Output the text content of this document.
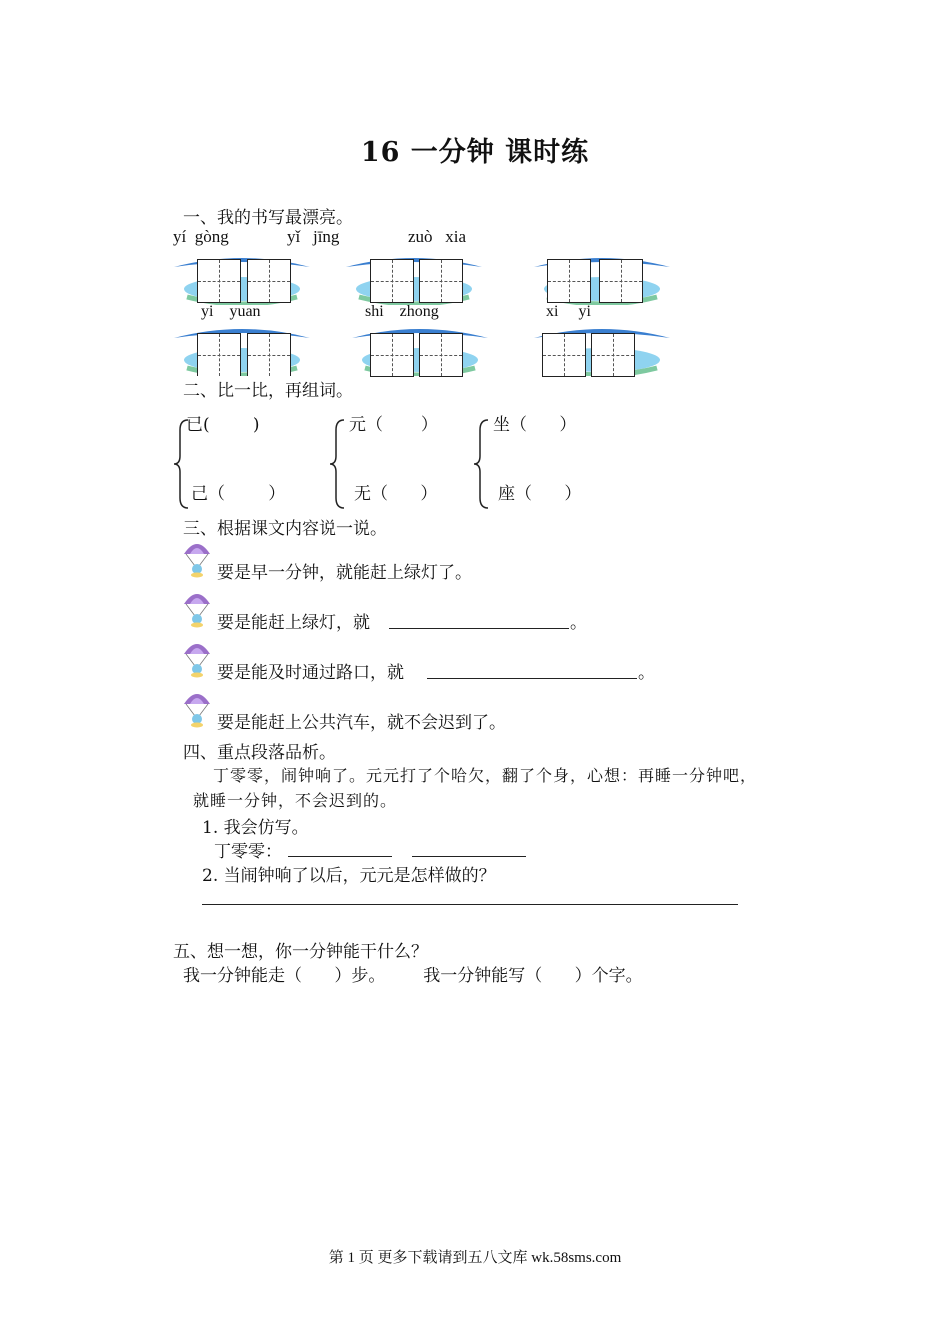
16 一分钟 课时练
一、我的书写最漂亮。
yí  gòng	yǐ   jīng	zuò   xia
yi    yuan	shi    zhong	xi     yi
二、比一比，再组词。
已(        )
己（        ）
元（       ）
无（      ）
坐（      ）
座（      ）
三、根据课文内容说一说。
要是早一分钟，就能赶上绿灯了。
要是能赶上绿灯，就	。
要是能及时通过路口，就	。
要是能赶上公共汽车，就不会迟到了。
四、重点段落品析。
丁零零，闹钟响了。元元打了个哈欠，翻了个身，心想：再睡一分钟吧，
就睡一分钟，不会迟到的。
1. 我会仿写。
丁零零：
2. 当闹钟响了以后，元元是怎样做的？
五、想一想，你一分钟能干什么？
我一分钟能走（      ）步。       我一分钟能写（      ）个字。
第 1 页 更多下载请到五八文库 wk.58sms.com
